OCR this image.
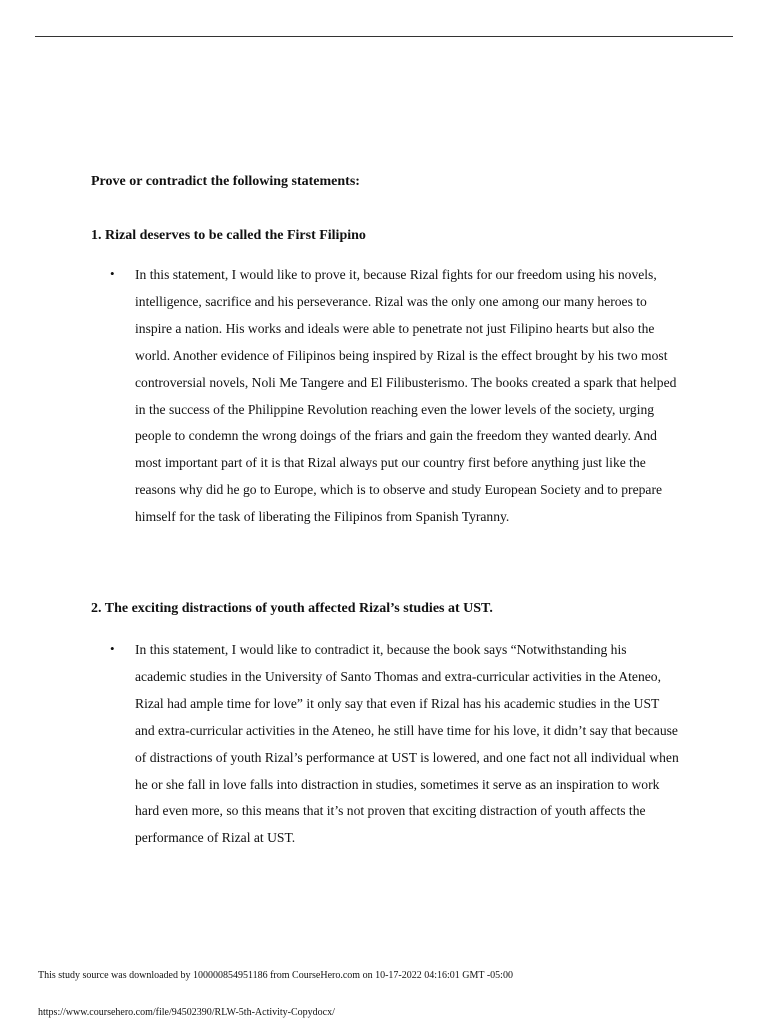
Prove or contradict the following statements:

1. Rizal deserves to be called the First Filipino

• In this statement, I would like to prove it, because Rizal fights for our freedom using his novels, intelligence, sacrifice and his perseverance. Rizal was the only one among our many heroes to inspire a nation. His works and ideals were able to penetrate not just Filipino hearts but also the world. Another evidence of Filipinos being inspired by Rizal is the effect brought by his two most controversial novels, Noli Me Tangere and El Filibusterismo. The books created a spark that helped in the success of the Philippine Revolution reaching even the lower levels of the society, urging people to condemn the wrong doings of the friars and gain the freedom they wanted dearly. And most important part of it is that Rizal always put our country first before anything just like the reasons why did he go to Europe, which is to observe and study European Society and to prepare himself for the task of liberating the Filipinos from Spanish Tyranny.

2. The exciting distractions of youth affected Rizal’s studies at UST.

• In this statement, I would like to contradict it, because the book says “Notwithstanding his academic studies in the University of Santo Thomas and extra-curricular activities in the Ateneo, Rizal had ample time for love” it only say that even if Rizal has his academic studies in the UST and extra-curricular activities in the Ateneo, he still have time for his love, it didn’t say that because of distractions of youth Rizal’s performance at UST is lowered, and one fact not all individual when he or she fall in love falls into distraction in studies, sometimes it serve as an inspiration to work hard even more, so this means that it’s not proven that exciting distraction of youth affects the performance of Rizal at UST.

This study source was downloaded by 100000854951186 from CourseHero.com on 10-17-2022 04:16:01 GMT -05:00

https://www.coursehero.com/file/94502390/RLW-5th-Activity-Copydocx/
